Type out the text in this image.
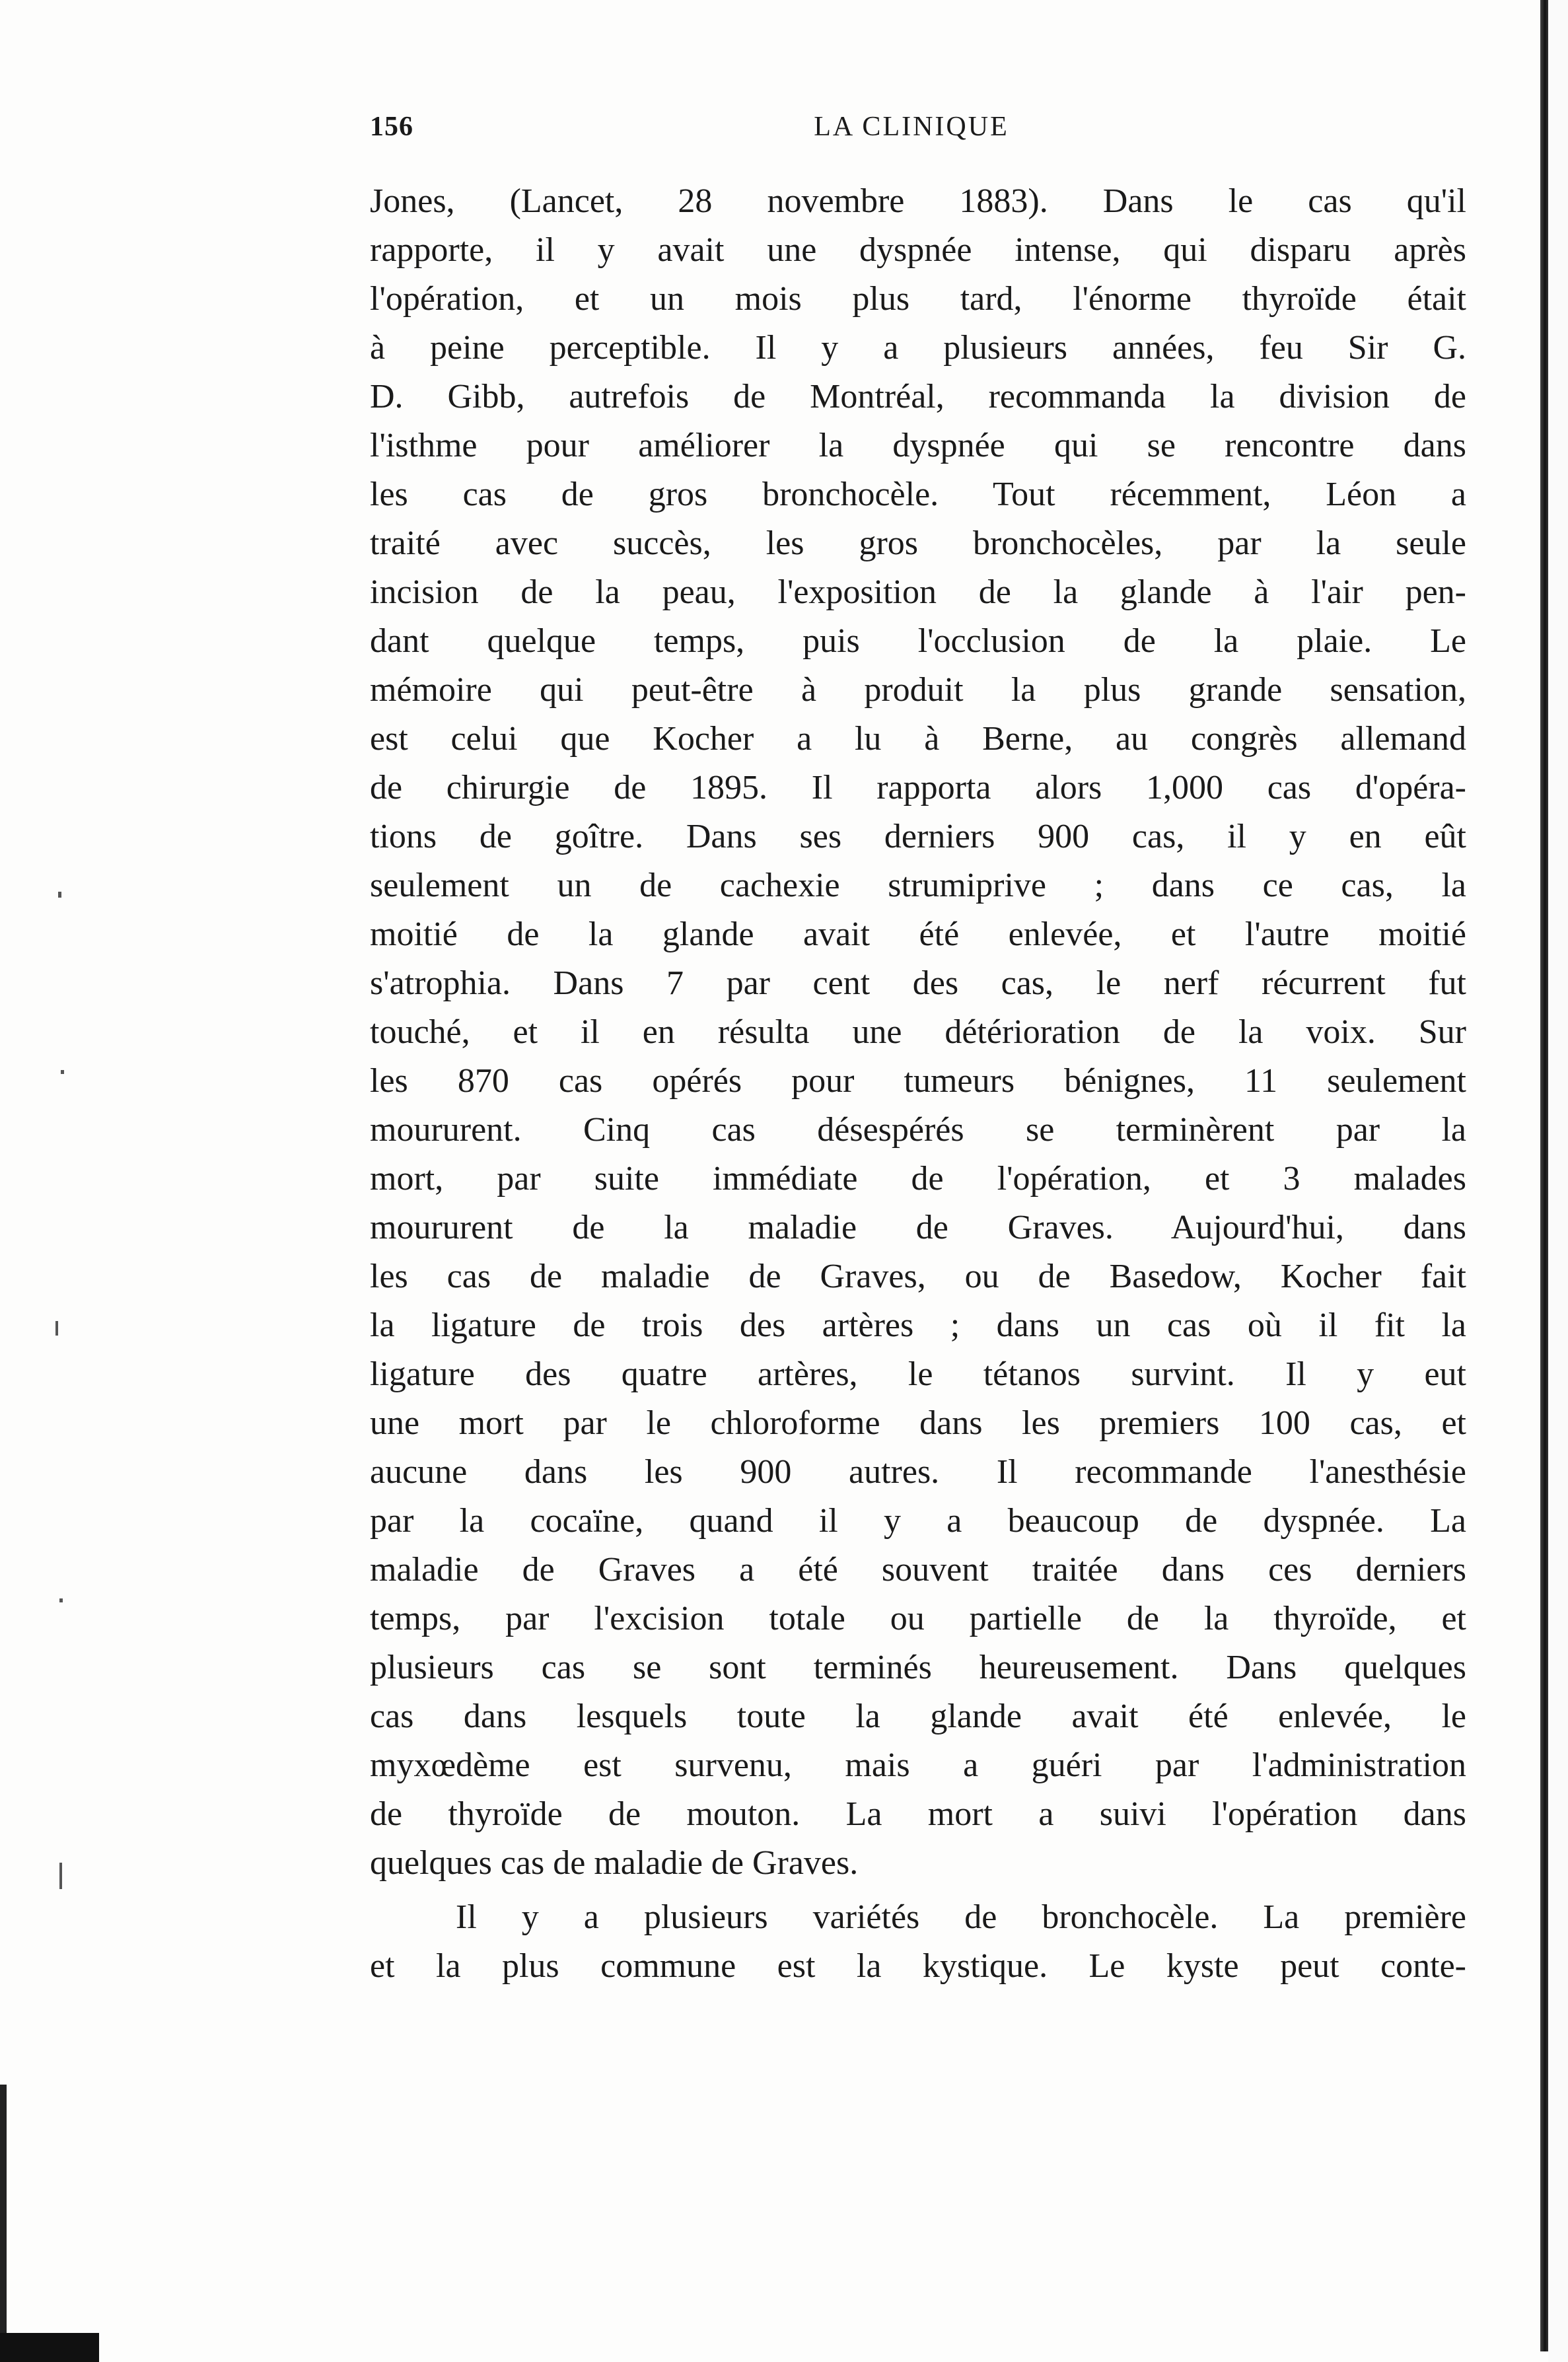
156	LA CLINIQUE
Jones, (Lancet, 28 novembre 1883). Dans le cas qu'il
rapporte, il y avait une dyspnée intense, qui disparu après
l'opération, et un mois plus tard, l'énorme thyroïde était
à peine perceptible. Il y a plusieurs années, feu Sir G.
D. Gibb, autrefois de Montréal, recommanda la division de
l'isthme pour améliorer la dyspnée qui se rencontre dans
les cas de gros bronchocèle. Tout récemment, Léon a
traité avec succès, les gros bronchocèles, par la seule
incision de la peau, l'exposition de la glande à l'air pen-
dant quelque temps, puis l'occlusion de la plaie. Le
mémoire qui peut-être à produit la plus grande sensation,
est celui que Kocher a lu à Berne, au congrès allemand
de chirurgie de 1895. Il rapporta alors 1,000 cas d'opéra-
tions de goître. Dans ses derniers 900 cas, il y en eût
seulement un de cachexie strumiprive ; dans ce cas, la
moitié de la glande avait été enlevée, et l'autre moitié
s'atrophia. Dans 7 par cent des cas, le nerf récurrent fut
touché, et il en résulta une détérioration de la voix. Sur
les 870 cas opérés pour tumeurs bénignes, 11 seulement
moururent. Cinq cas désespérés se terminèrent par la
mort, par suite immédiate de l'opération, et 3 malades
moururent de la maladie de Graves. Aujourd'hui, dans
les cas de maladie de Graves, ou de Basedow, Kocher fait
la ligature de trois des artères ; dans un cas où il fit la
ligature des quatre artères, le tétanos survint. Il y eut
une mort par le chloroforme dans les premiers 100 cas, et
aucune dans les 900 autres. Il recommande l'anesthésie
par la cocaïne, quand il y a beaucoup de dyspnée. La
maladie de Graves a été souvent traitée dans ces derniers
temps, par l'excision totale ou partielle de la thyroïde, et
plusieurs cas se sont terminés heureusement. Dans quelques
cas dans lesquels toute la glande avait été enlevée, le
myxœdème est survenu, mais a guéri par l'administration
de thyroïde de mouton. La mort a suivi l'opération dans
quelques cas de maladie de Graves.
Il y a plusieurs variétés de bronchocèle. La première
et la plus commune est la kystique. Le kyste peut conte-
